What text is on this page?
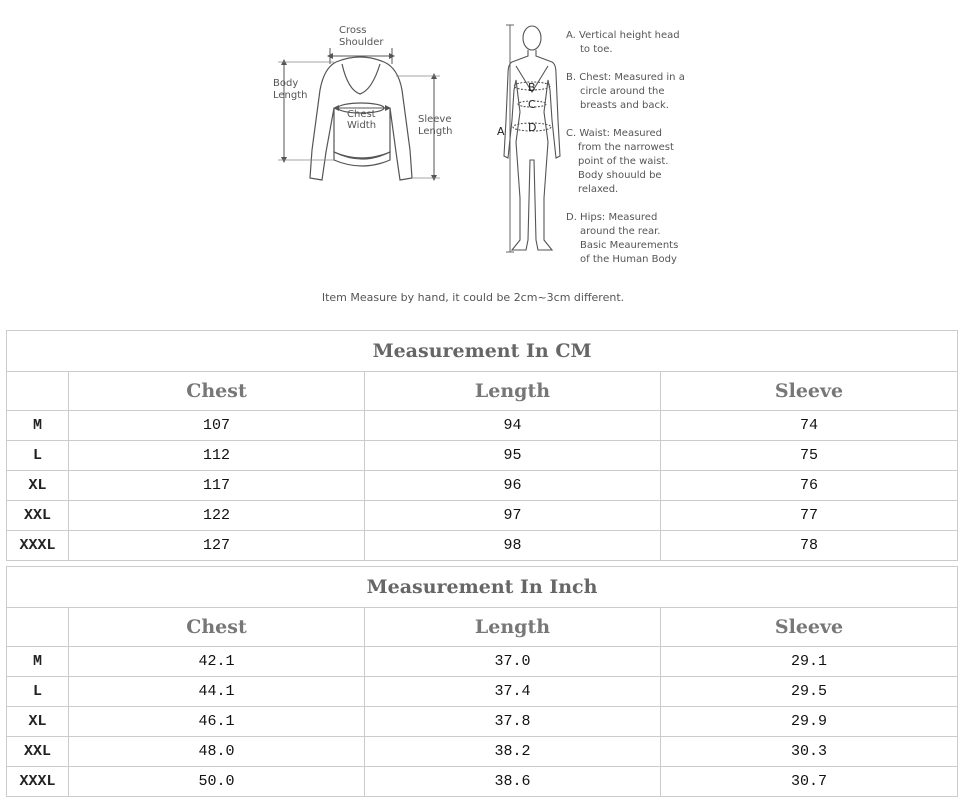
Cross
Shoulder
Body
Length
Chest
Width
Sleeve
Length	A
B
C
D
A. Vertical height head
to toe.
B. Chest: Measured in a
circle around the
breasts and back.
C. Waist: Measured
from the narrowest
point of the waist.
Body shouuld be
relaxed.
D. Hips: Measured
around the rear.
Basic Meaurements
of the Human Body
Item Measure by hand, it could be 2cm~3cm different.
Measurement In CM			
	Chest	Length	Sleeve
M	107	94	74
L	112	95	75
XL	117	96	76
XXL	122	97	77
XXXL	127	98	78
Measurement In Inch			
	Chest	Length	Sleeve
M	42.1	37.0	29.1
L	44.1	37.4	29.5
XL	46.1	37.8	29.9
XXL	48.0	38.2	30.3
XXXL	50.0	38.6	30.7
